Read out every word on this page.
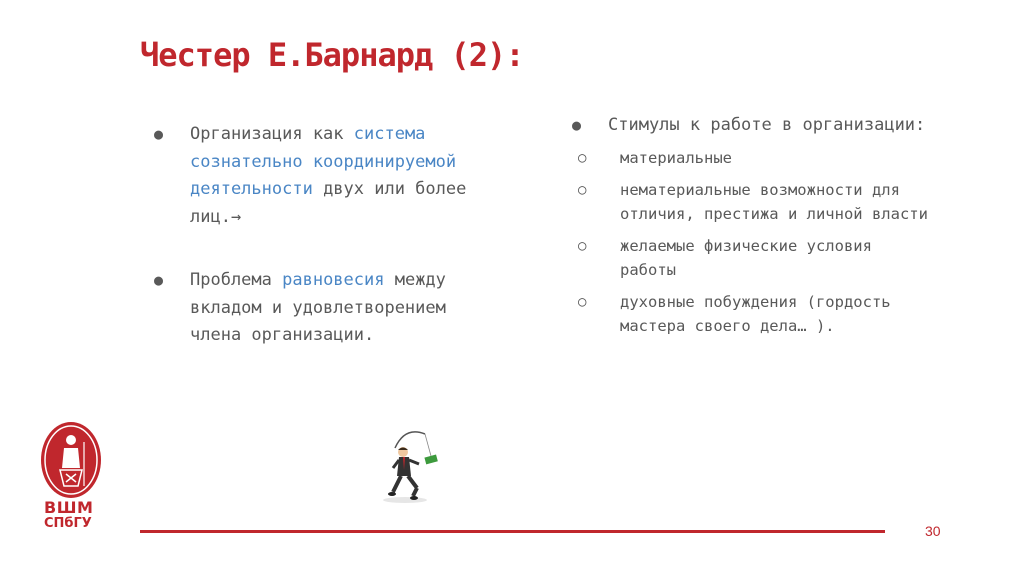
Честер Е.Барнард (2):
● Организация как система сознательно координируемой деятельности двух или более лиц.→
● Проблема равновесия между вкладом и удовлетворением члена организации.
● Стимулы к работе в организации:
○ материальные
○ нематериальные возможности для отличия, престижа и личной власти
○ желаемые физические условия работы
○ духовные побуждения (гордость мастера своего дела… ).
ВШМ
СПбГУ	30
